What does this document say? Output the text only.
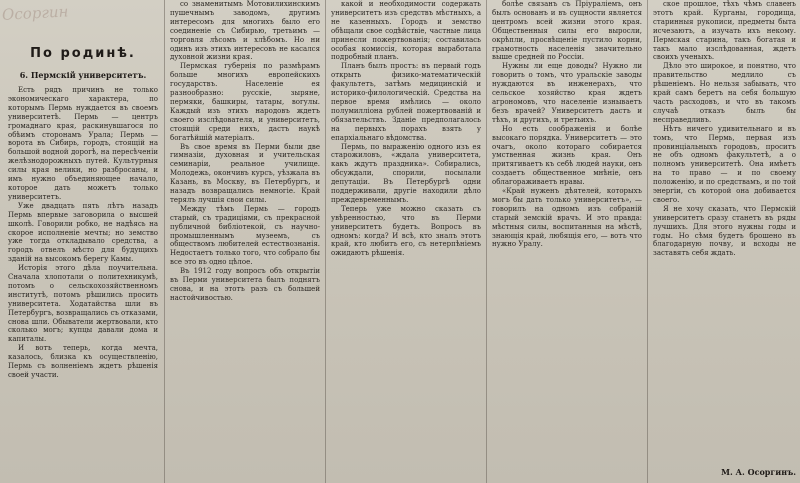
Осоргин
По родинѣ.
6. Пермскій университетъ.

Есть рядъ причинъ не только экономическаго характера, по которымъ Пермь нуждается въ своемъ университетѣ. Пермь — центръ громаднаго края, раскинувшагося по обѣимъ сторонамъ Урала; Пермь — ворота въ Сибирь, городъ, стоящій на большой водной дорогѣ, на пересѣченіи желѣзнодорожныхъ путей. Культурныя силы края велики, но разбросаны, и имъ нужно объединяющее начало, которое дать можетъ только университетъ.

Уже двадцать пять лѣтъ назадъ Пермь впервые заговорила о высшей школѣ. Говорили робко, не надѣясь на скорое исполненіе мечты; но земство уже тогда откладывало средства, а городъ отвелъ мѣсто для будущихъ зданій на высокомъ берегу Камы.

Исторія этого дѣла поучительна. Сначала хлопотали о политехникумѣ, потомъ о сельскохозяйственномъ институтѣ, потомъ рѣшились просить университета. Ходатайства шли въ Петербургъ, возвращались съ отказами, снова шли. Обыватели жертвовали, кто сколько могъ; купцы давали дома и капиталы.

И вотъ теперь, когда мечта, казалось, близка къ осуществленію, Пермь съ волненіемъ ждетъ рѣшенія своей участи.

со знаменитымъ Мотовилихинскимъ пушечнымъ заводомъ, другимъ интересомъ для многихъ было его соединеніе съ Сибирью, третьимъ — торговля лѣсомъ и хлѣбомъ. Но ни одинъ изъ этихъ интересовъ не касался духовной жизни края.

Пермская губернія по размѣрамъ больше многихъ европейскихъ государствъ. Населеніе ея разнообразно: русскіе, зыряне, пермяки, башкиры, татары, вогулы. Каждый изъ этихъ народовъ ждетъ своего изслѣдователя, и университетъ, стоящій среди нихъ, дастъ наукѣ богатѣйшій матеріалъ.

Въ свое время въ Перми были две гимназіи, духовная и учительская семинаріи, реальное училище. Молодежь, окончивъ курсъ, уѣзжала въ Казань, въ Москву, въ Петербургъ, и назадъ возвращались немногіе. Край терялъ лучшія свои силы.

Между тѣмъ Пермь — городъ старый, съ традиціями, съ прекрасной публичной библіотекой, съ научно-промышленнымъ музеемъ, съ обществомъ любителей естествознанія. Недостаетъ только того, что собрало бы все это въ одно цѣлое.

Въ 1912 году вопросъ объ открытіи въ Перми университета былъ поднятъ снова, и на этотъ разъ съ большей настойчивостью.

какой и необходимости содержать университетъ изъ средствъ мѣстныхъ, а не казенныхъ. Городъ и земство обѣщали свое содѣйствіе, частные лица принесли пожертвованія; составилась особая комиссія, которая выработала подробный планъ.

Планъ былъ простъ: въ первый годъ открыть физико-математическій факультетъ, затѣмъ медицинскій и историко-филологическій. Средства на первое время имѣлись — около полумилліона рублей пожертвованій и обязательствъ. Зданіе предполагалось на первыхъ порахъ взять у епархіальнаго вѣдомства.

Пермь, по выраженію одного изъ ея старожиловъ, «ждала университета, какъ ждутъ праздника». Собирались, обсуждали, спорили, посылали депутаціи. Въ Петербургѣ одни поддерживали, другіе находили дѣло преждевременнымъ.

Теперь уже можно сказать съ увѣренностью, что въ Перми университетъ будетъ. Вопросъ въ одномъ: когда? И всѣ, кто зналъ этотъ край, кто любитъ его, съ нетерпѣніемъ ожидаютъ рѣшенія.

болѣе связанъ съ Пріураліемъ, онъ былъ основанъ и въ сущности является центромъ всей жизни этого края. Общественныя силы его выросли, окрѣпли, просвѣщеніе пустило корни, грамотность населенія значительно выше средней по Россіи.

Нужны ли еще доводы? Нужно ли говорить о томъ, что уральскіе заводы нуждаются въ инженерахъ, что сельское хозяйство края ждетъ агрономовъ, что населеніе изнываетъ безъ врачей? Университетъ дастъ и тѣхъ, и другихъ, и третьихъ.

Но есть соображенія и болѣе высокаго порядка. Университетъ — это очагъ, около котораго собирается умственная жизнь края. Онъ притягиваетъ къ себѣ людей науки, онъ создаетъ общественное мнѣніе, онъ облагораживаетъ нравы.

«Край нуженъ дѣятелей, которыхъ могъ бы дать только университетъ», — говорилъ на одномъ изъ собраній старый земскій врачъ. И это правда: мѣстныя силы, воспитанныя на мѣстѣ, знающія край, любящія его, — вотъ что нужно Уралу.

ское прошлое, тѣхъ чѣмъ славенъ этотъ край. Курганы, городища, старинныя рукописи, предметы быта исчезаютъ, а изучать ихъ некому. Пермская старина, такъ богатая и такъ мало изслѣдованная, ждетъ своихъ ученыхъ.

Дѣло это широкое, и понятно, что правительство медлило съ рѣшеніемъ. Но нельзя забывать, что край самъ беретъ на себя большую часть расходовъ, и что въ такомъ случаѣ отказъ былъ бы несправедливъ.

Нѣтъ ничего удивительнаго и въ томъ, что Пермь, первая изъ провинціальныхъ городовъ, проситъ не объ одномъ факультетѣ, а о полномъ университетѣ. Она имѣетъ на то право — и по своему положенію, и по средствамъ, и по той энергіи, съ которой она добивается своего.

Я не хочу сказать, что Пермскій университетъ сразу станетъ въ ряды лучшихъ. Для этого нужны годы и годы. Но сѣмя будетъ брошено въ благодарную почву, и всходы не заставятъ себя ждать.

М. А. Осоргинъ.
